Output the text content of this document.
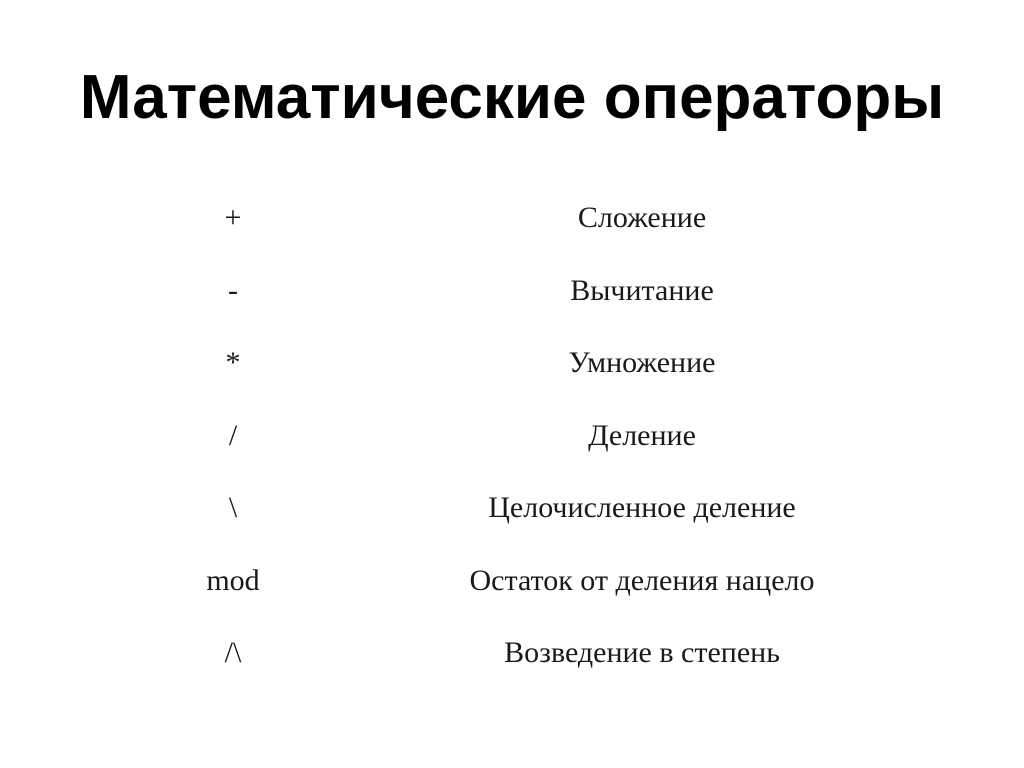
Математические операторы
+	Сложение
-	Вычитание
*	Умножение
/	Деление
\	Целочисленное деление
mod	Остаток от деления нацело
/\	Возведение в степень
